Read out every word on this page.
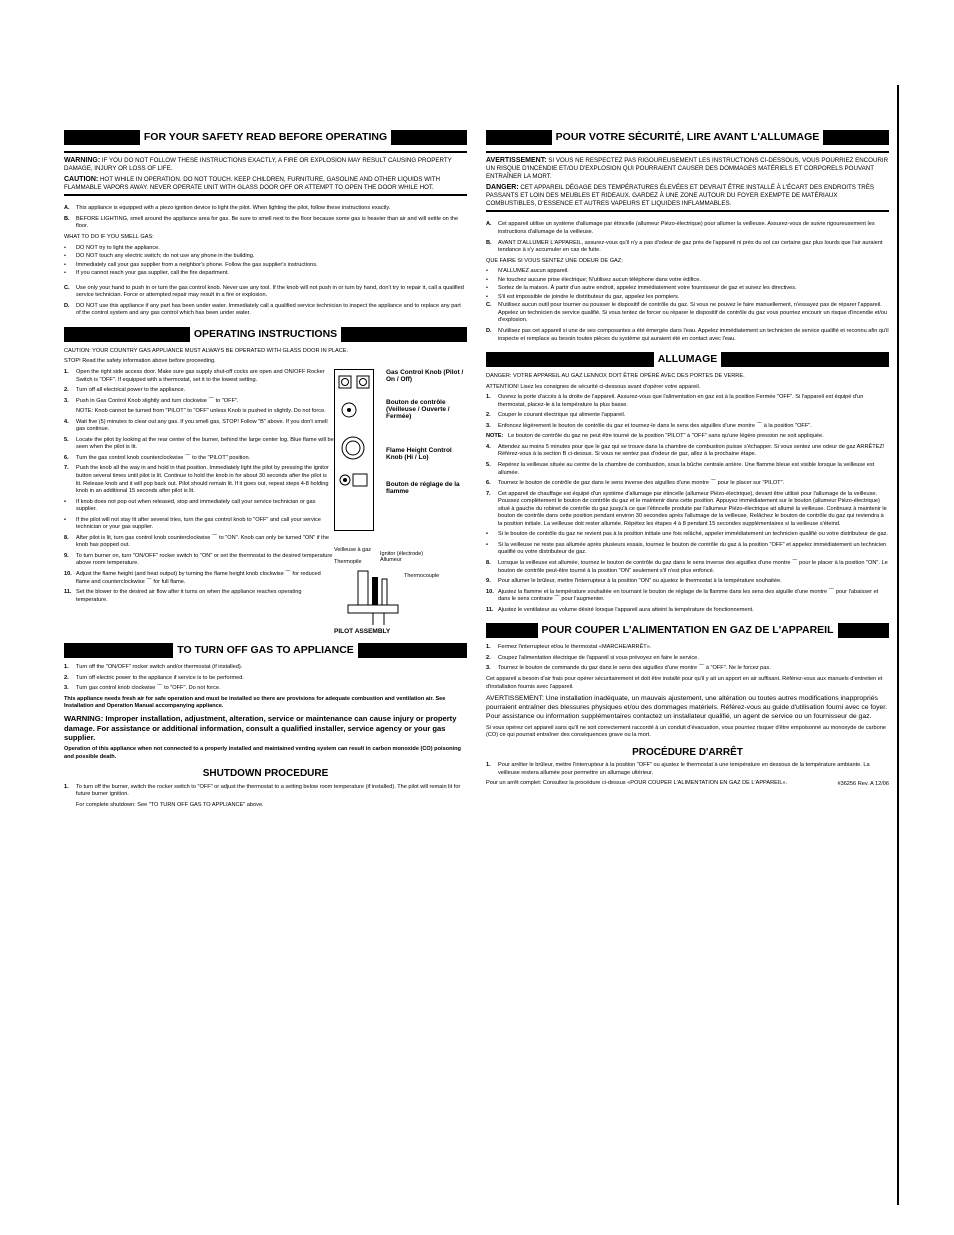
FOR YOUR SAFETY READ BEFORE OPERATING
WARNING: IF YOU DO NOT FOLLOW THESE INSTRUCTIONS EXACTLY, A FIRE OR EXPLOSION MAY RESULT CAUSING PROPERTY DAMAGE, INJURY OR LOSS OF LIFE.
CAUTION: HOT WHILE IN OPERATION. DO NOT TOUCH. KEEP CHILDREN, FURNITURE, GASOLINE AND OTHER LIQUIDS WITH FLAMMABLE VAPORS AWAY. NEVER OPERATE UNIT WITH GLASS DOOR OFF OR ATTEMPT TO OPEN THE DOOR WHILE HOT.
A.	This appliance is equipped with a piezo ignition device to light the pilot. When lighting the pilot, follow these instructions exactly.
B.	BEFORE LIGHTING, smell around the appliance area for gas. Be sure to smell next to the floor because some gas is heavier than air and will settle on the floor.

WHAT TO DO IF YOU SMELL GAS:

•	DO NOT try to light the appliance.
•	DO NOT touch any electric switch; do not use any phone in the building.
•	Immediately call your gas supplier from a neighbor's phone. Follow the gas supplier's instructions.
•	If you cannot reach your gas supplier, call the fire department.
C.	Use only your hand to push in or turn the gas control knob. Never use any tool. If the knob will not push in or turn by hand, don't try to repair it, call a qualified service technician. Force or attempted repair may result in a fire or explosion.
D.	DO NOT use this appliance if any part has been under water. Immediately call a qualified service technician to inspect the appliance and to replace any part of the control system and any gas control which has been under water.
OPERATING INSTRUCTIONS

CAUTION: YOUR COUNTRY GAS APPLIANCE MUST ALWAYS BE OPERATED WITH GLASS DOOR IN PLACE.

STOP! Read the safety information above before proceeding.

1.	Open the right side access door. Make sure gas supply shut-off cocks are open and ON/OFF Rocker Switch is "OFF". If equipped with a thermostat, set it to the lowest setting.
2.	Turn off all electrical power to the appliance.
3.	Push in Gas Control Knob slightly and turn clockwise ⌒ to "OFF".
NOTE: Knob cannot be turned from "PILOT" to "OFF" unless Knob is pushed in slightly. Do not force.
4.	Wait five (5) minutes to clear out any gas. If you smell gas, STOP! Follow "B" above. If you don't smell gas continue.
5.	Locate the pilot by looking at the rear center of the burner, behind the large center log. Blue flame will be seen when the pilot is lit.
6.	Turn the gas control knob counterclockwise ⌒ to the "PILOT" position.
7.	Push the knob all the way in and hold in that position. Immediately light the pilot by pressing the ignitor button several times until pilot is lit. Continue to hold the knob in for about 30 seconds after the pilot is lit. Release knob and it will pop back out. Pilot should remain lit. If it goes out, repeat steps 4-8 holding knob in an additional 15 seconds after pilot is lit.
•	If knob does not pop out when released, stop and immediately call your service technician or gas supplier.
•	If the pilot will not stay lit after several tries, turn the gas control knob to "OFF" and call your service technician or your gas supplier.
8.	After pilot is lit, turn gas control knob counterclockwise ⌒ to "ON". Knob can only be turned "ON" if the knob has popped out.
9.	To turn burner on, turn "ON/OFF" rocker switch to "ON" or set the thermostat to the desired temperature above room temperature.
10. Adjust the flame height (and heat output) by turning the flame height knob clockwise ⌒ for reduced flame and counterclockwise ⌒ for full flame.
11. Set the blower to the desired air flow after it turns on when the appliance reaches operating temperature.
Gas Control Knob (Pilot / On / Off)
Bouton de contrôle (Veilleuse / Ouverte / Fermée)
Flame Height Control Knob (Hi / Lo)
Bouton de réglage de la flamme
Veilleuse à gaz
Thermopile
Ignitor (électrode) Allumeur
Thermocouple
PILOT ASSEMBLY
TO TURN OFF GAS TO APPLIANCE
1.	Turn off the "ON/OFF" rocker switch and/or thermostat (if installed).
2.	Turn off electric power to the appliance if service is to be performed.
3.	Turn gas control knob clockwise ⌒ to "OFF". Do not force.

This appliance needs fresh air for safe operation and must be installed so there are provisions for adequate combustion and ventilation air. See Installation and Operation Manual accompanying appliance.

WARNING: Improper installation, adjustment, alteration, service or maintenance can cause injury or property damage. For assistance or additional information, consult a qualified installer, service agency or your gas supplier.

Operation of this appliance when not connected to a properly installed and maintained venting system can result in carbon monoxide (CO) poisoning and possible death.

SHUTDOWN PROCEDURE
1.	To turn off the burner, switch the rocker switch to "OFF" or adjust the thermostat to a setting below room temperature (if installed). The pilot will remain lit for future burner ignition.

For complete shutdown: See "TO TURN OFF GAS TO APPLIANCE" above.

POUR VOTRE SÉCURITÉ, LIRE AVANT L'ALLUMAGE
AVERTISSEMENT: SI VOUS NE RESPECTEZ PAS RIGOUREUSEMENT LES INSTRUCTIONS CI-DESSOUS, VOUS POURRIEZ ENCOURIR UN RISQUE D'INCENDIE ET/OU D'EXPLOSION QUI POURRAIENT CAUSER DES DOMMAGES MATÉRIELS ET CORPORELS POUVANT ENTRAÎNER LA MORT.
DANGER: CET APPAREIL DÉGAGE DES TEMPÉRATURES ÉLEVÉES ET DEVRAIT ÊTRE INSTALLÉ À L'ÉCART DES ENDROITS TRÈS PASSANTS ET LOIN DES MEUBLES ET RIDEAUX. GARDEZ À UNE ZONE AUTOUR DU FOYER EXEMPTE DE MATÉRIAUX COMBUSTIBLES, D'ESSENCE ET AUTRES VAPEURS ET LIQUIDES INFLAMMABLES.
A.	Cet appareil utilise un système d'allumage par étincelle (allumeur Piézo-électrique) pour allumer la veilleuse. Assurez-vous de suivre rigoureusement les instructions d'allumage de la veilleuse.
B.	AVANT D'ALLUMER L'APPAREIL, assurez-vous qu'il n'y a pas d'odeur de gaz près de l'appareil ni près du sol car certains gaz plus lourds que l'air auraient tendance à s'y accumuler en cas de fuite.

QUE FAIRE SI VOUS SENTEZ UNE ODEUR DE GAZ:

•	N'ALLUMEZ aucun appareil.
•	Ne touchez aucune prise électrique; N'utilisez aucun téléphone dans votre édifice.
•	Sortez de la maison. À partir d'un autre endroit, appelez immédiatement votre fournisseur de gaz et suivez les directives.
•	S'il est impossible de joindre le distributeur du gaz, appelez les pompiers.
C.	N'utilisez aucun outil pour tourner ou pousser le dispositif de contrôle du gaz. Si vous ne pouvez le faire manuellement, n'essayez pas de réparer l'appareil. Appelez un technicien de service qualifié. Si vous tentez de forcer ou réparer le dispositif de contrôle du gaz vous pourriez encourir un risque d'incendie et/ou d'explosion.
D.	N'utilisez pas cet appareil si une de ses composantes a été émergée dans l'eau. Appelez immédiatement un technicien de service qualifié et reconnu afin qu'il inspecte et remplace au besoin toutes pièces du système qui auraient été en contact avec l'eau.
ALLUMAGE

DANGER: VOTRE APPAREIL AU GAZ LENNOX DOIT ÊTRE OPÉRÉ AVEC DES PORTES DE VERRE.

ATTENTION! Lisez les consignes de sécurité ci-dessous avant d'opérer votre appareil.

1.	Ouvrez la porte d'accès à la droite de l'appareil. Assurez-vous que l'alimentation en gaz est à la position Fermée "OFF". Si l'appareil est équipé d'un thermostat, placez-le à la température la plus basse.
2.	Couper le courant électrique qui alimente l'appareil.
3.	Enfoncez légèrement le bouton de contrôle du gaz et tournez-le dans le sens des aiguilles d'une montre ⌒ à la position "OFF".
NOTE: Le bouton de contrôle du gaz ne peut être tourné de la position "PILOT" à "OFF" sans qu'une légère pression ne soit appliquée.
4.	Attendez au moins 5 minutes pour que le gaz qui se trouve dans la chambre de combustion puisse s'échapper. Si vous sentez une odeur de gaz ARRÊTEZ! Référez-vous à la section B ci-dessus. Si vous ne sentez pas d'odeur de gaz, allez à la prochaine étape.
5.	Repérez la veilleuse située au centre de la chambre de combustion, sous la bûche centrale arrière. Une flamme bleue est visible lorsque la veilleuse est allumée.
6.	Tournez le bouton de contrôle de gaz dans le sens inverse des aiguilles d'une montre ⌒ pour le placer sur "PILOT".
7.	Cet appareil de chauffage est équipé d'un système d'allumage par étincelle (allumeur Piézo-électrique), devant être utilisé pour l'allumage de la veilleuse. Poussez complètement le bouton de contrôle du gaz et le maintenir dans cette position. Appuyez immédiatement sur le bouton (allumeur Piézo-électrique) situé à gauche du robinet de contrôle du gaz jusqu'à ce que l'étincelle produite par l'allumeur Piézo-électrique ait allumé la veilleuse. Continuez à maintenir le bouton de contrôle dans cette position pendant environ 30 secondes après l'allumage de la veilleuse. Relâchez le bouton de contrôle du gaz qui reviendra à la position initiale. La veilleuse doit rester allumée. Répétez les étapes 4 à 8 pendant 15 secondes supplémentaires si la veilleuse s'éteind.
•	Si le bouton de contrôle du gaz ne revient pas à la position initiale une fois relâché, appeler immédiatement un technicien qualifié ou votre distributeur de gaz.
•	Si la veilleuse ne reste pas allumée après plusieurs essais, tournez le bouton de contrôle du gaz à la position "OFF" et appelez immédiatement un technicien qualifié ou votre distributeur de gaz.
8.	Lorsque la veilleuse est allumée, tournez le bouton de contrôle du gaz dans le sens inverse des aiguilles d'une montre ⌒ pour le placer à la position "ON". Le bouton de contrôle peut-être tourné à la position "ON" seulement s'il n'est plus enfoncé.
9.	Pour allumer le brûleur, mettre l'interrupteur à la position "ON" ou ajustez le thermostat à la température souhaitée.
10. Ajustez la flamme et la température souhaitée en tournant le bouton de réglage de la flamme dans les sens des aiguille d'une montre ⌒ pour l'abaisser et dans le sens contraire ⌒ pour l'augmenter.
11. Ajustez le ventilateur au volume désiré lorsque l'appareil aura atteint la température de fonctionnement.
POUR COUPER L'ALIMENTATION EN GAZ DE L'APPAREIL
1.	Fermez l'interrupteur et/ou le thermostat «MARCHE/ARRÊT».
2.	Coupez l'alimentation électrique de l'appareil si vous prévoyez en faire le service.
3.	Tournez le bouton de commande du gaz dans le sens des aiguilles d'une montre ⌒ à "OFF". Ne le forcez pas.

Cet appareil a besoin d'air frais pour opérer sécuritairement et doit être installé pour qu'il y ait un apport en air suffisant. Référez-vous aux manuels d'entretien et d'installation fournis avec l'appareil.

AVERTISSEMENT: Une installation inadéquate, un mauvais ajustement, une altération ou toutes autres modifications inappropriés pourraient entraîner des blessures physiques et/ou des dommages matériels. Référez-vous au guide d'utilisation fourni avec ce foyer. Pour assistance ou information supplémentaires contactez un installateur qualifié, un agent de service ou un fournisseur de gaz.

Si vous opérez cet appareil sans qu'il ne soit correctement raccordé à un conduit d'évacuation, vous pourriez risquer d'être empoisonné au monoxyde de carbone (CO) ce qui pourrait entraîner des conséquences grave ou la mort.

PROCÉDURE D'ARRÊT
1.	Pour arrêter le brûleur, mettre l'interrupteur à la position "OFF" ou ajustez le thermostat à une température en dessous de la température ambiante. La veilleuse restera allumée pour permettre un allumage ultérieur.

Pour un arrêt complet: Consultez la procédure ci-dessus «POUR COUPER L'ALIMENTATION EN GAZ DE L'APPAREIL».	#36256 Rev. A 12/06
